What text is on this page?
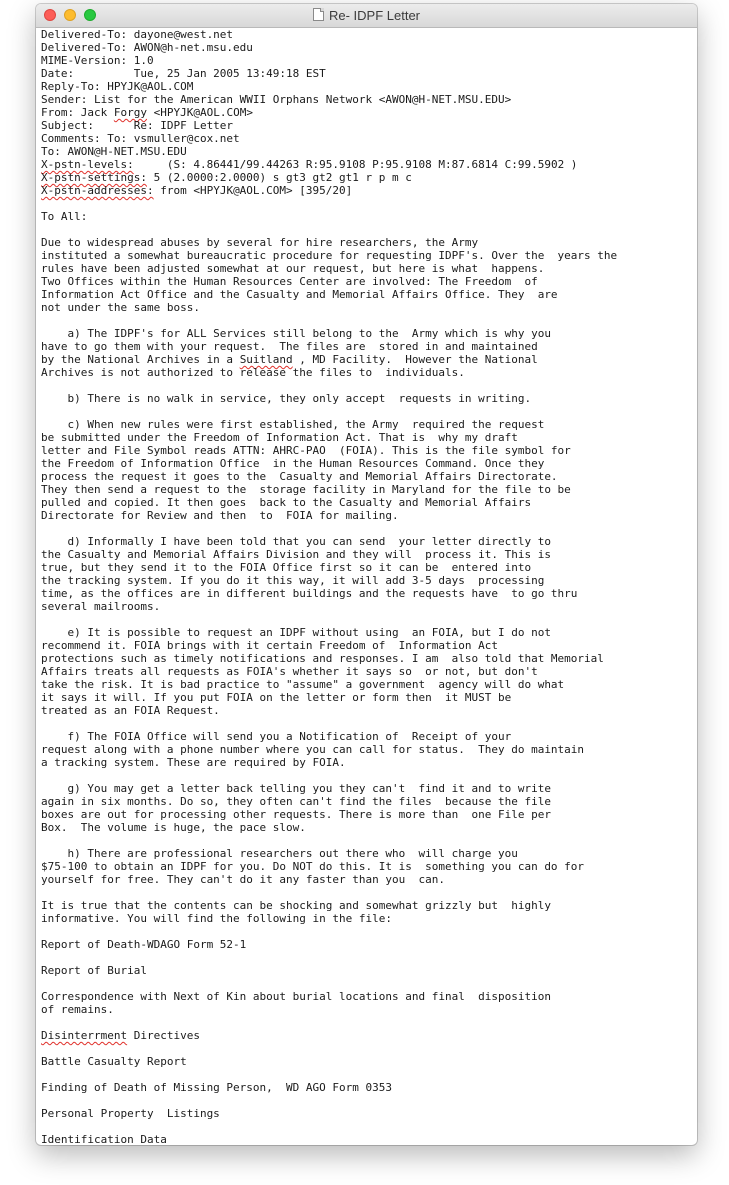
Re- IDPF Letter
Delivered-To: dayone@west.net
Delivered-To: AWON@h-net.msu.edu
MIME-Version: 1.0
Date:         Tue, 25 Jan 2005 13:49:18 EST
Reply-To: HPYJK@AOL.COM
Sender: List for the American WWII Orphans Network <AWON@H-NET.MSU.EDU>
From: Jack Forgy <HPYJK@AOL.COM>
Subject:      Re: IDPF Letter
Comments: To: vsmuller@cox.net
To: AWON@H-NET.MSU.EDU
X-pstn-levels:     (S: 4.86441/99.44263 R:95.9108 P:95.9108 M:87.6814 C:99.5902 )
X-pstn-settings: 5 (2.0000:2.0000) s gt3 gt2 gt1 r p m c
X-pstn-addresses: from <HPYJK@AOL.COM> [395/20]
To All:
Due to widespread abuses by several for hire researchers, the Army
instituted a somewhat bureaucratic procedure for requesting IDPF's. Over the  years the
rules have been adjusted somewhat at our request, but here is what  happens.
Two Offices within the Human Resources Center are involved: The Freedom  of
Information Act Office and the Casualty and Memorial Affairs Office. They  are
not under the same boss.
a) The IDPF's for ALL Services still belong to the  Army which is why you
have to go them with your request.  The files are  stored in and maintained
by the National Archives in a Suitland , MD Facility.  However the National
Archives is not authorized to release the files to  individuals.
b) There is no walk in service, they only accept  requests in writing.
c) When new rules were first established, the Army  required the request
be submitted under the Freedom of Information Act. That is  why my draft
letter and File Symbol reads ATTN: AHRC-PAO  (FOIA). This is the file symbol for
the Freedom of Information Office  in the Human Resources Command. Once they
process the request it goes to the  Casualty and Memorial Affairs Directorate.
They then send a request to the  storage facility in Maryland for the file to be
pulled and copied. It then goes  back to the Casualty and Memorial Affairs
Directorate for Review and then  to  FOIA for mailing.
d) Informally I have been told that you can send  your letter directly to
the Casualty and Memorial Affairs Division and they will  process it. This is
true, but they send it to the FOIA Office first so it can be  entered into
the tracking system. If you do it this way, it will add 3-5 days  processing
time, as the offices are in different buildings and the requests have  to go thru
several mailrooms.
e) It is possible to request an IDPF without using  an FOIA, but I do not
recommend it. FOIA brings with it certain Freedom of  Information Act
protections such as timely notifications and responses. I am  also told that Memorial
Affairs treats all requests as FOIA's whether it says so  or not, but don't
take the risk. It is bad practice to "assume" a government  agency will do what
it says it will. If you put FOIA on the letter or form then  it MUST be
treated as an FOIA Request.
f) The FOIA Office will send you a Notification of  Receipt of your
request along with a phone number where you can call for status.  They do maintain
a tracking system. These are required by FOIA.
g) You may get a letter back telling you they can't  find it and to write
again in six months. Do so, they often can't find the files  because the file
boxes are out for processing other requests. There is more than  one File per
Box.  The volume is huge, the pace slow.
h) There are professional researchers out there who  will charge you
$75-100 to obtain an IDPF for you. Do NOT do this. It is  something you can do for
yourself for free. They can't do it any faster than you  can.
It is true that the contents can be shocking and somewhat grizzly but  highly
informative. You will find the following in the file:
Report of Death-WDAGO Form 52-1
Report of Burial
Correspondence with Next of Kin about burial locations and final  disposition
of remains.
Disinterrment Directives
Battle Casualty Report
Finding of Death of Missing Person,  WD AGO Form 0353
Personal Property  Listings
Identification Data
